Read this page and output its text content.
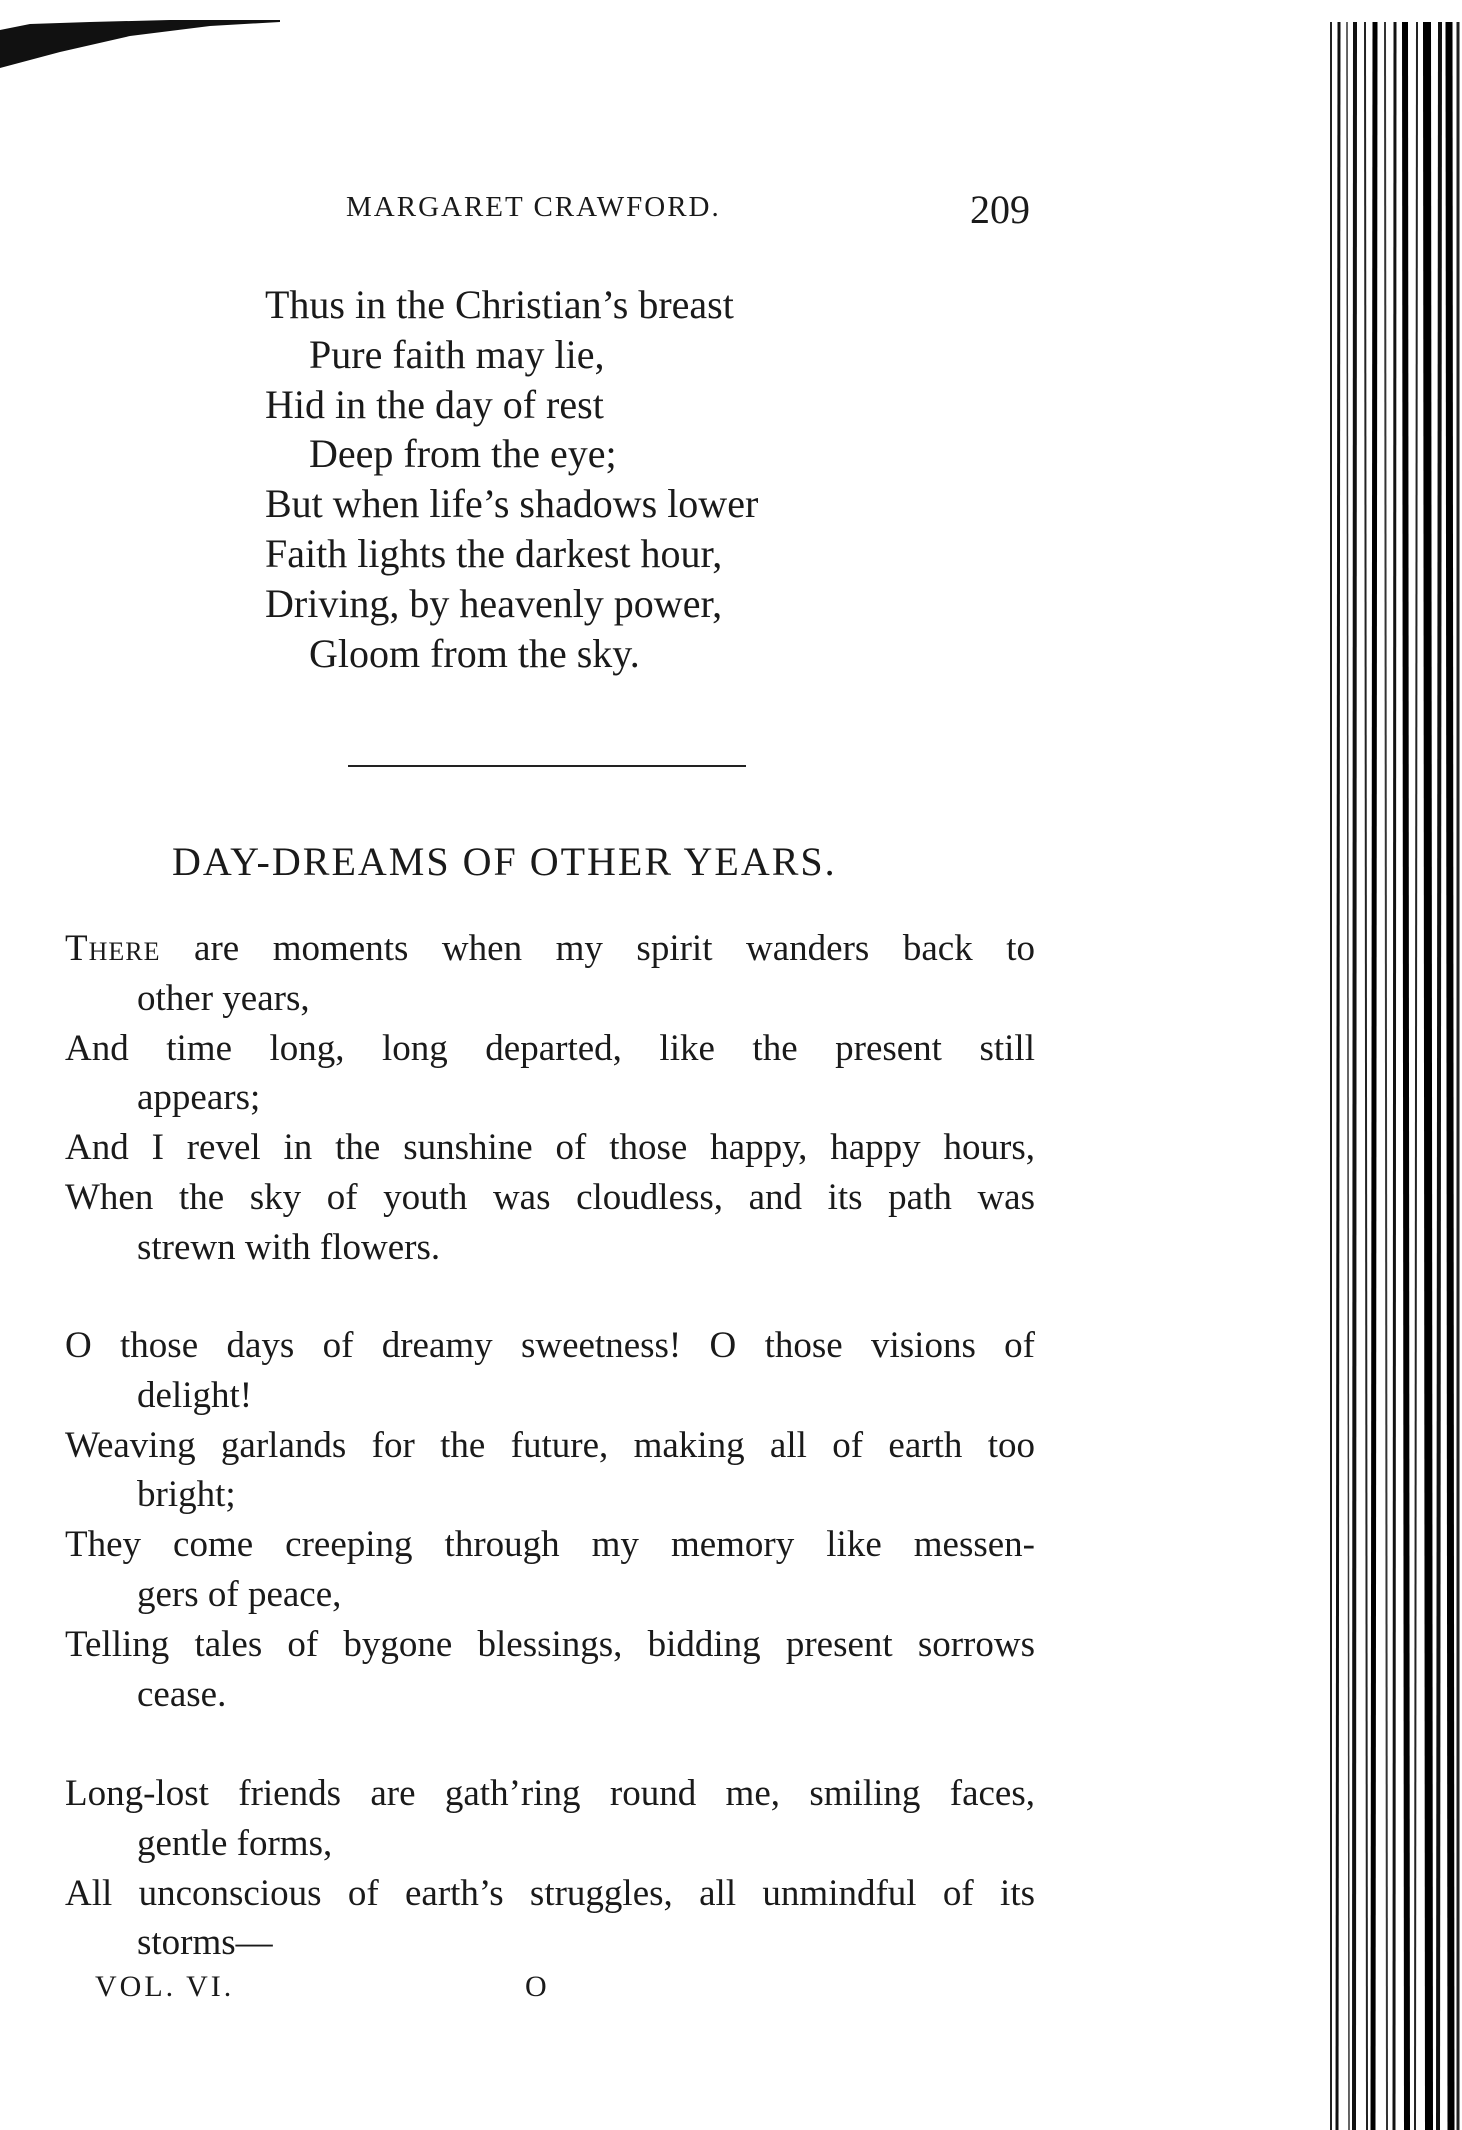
MARGARET CRAWFORD.	209
Thus in the Christian’s breast
Pure faith may lie,
Hid in the day of rest
Deep from the eye;
But when life’s shadows lower
Faith lights the darkest hour,
Driving, by heavenly power,
Gloom from the sky.
DAY-DREAMS OF OTHER YEARS.
There are moments when my spirit wanders back to
other years,
And time long, long departed, like the present still
appears;
And I revel in the sunshine of those happy, happy hours,
When the sky of youth was cloudless, and its path was
strewn with flowers.
O those days of dreamy sweetness! O those visions of
delight!
Weaving garlands for the future, making all of earth too
bright;
They come creeping through my memory like messen-
gers of peace,
Telling tales of bygone blessings, bidding present sorrows
cease.
Long-lost friends are gath’ring round me, smiling faces,
gentle forms,
All unconscious of earth’s struggles, all unmindful of its
storms—
VOL. VI.	O
